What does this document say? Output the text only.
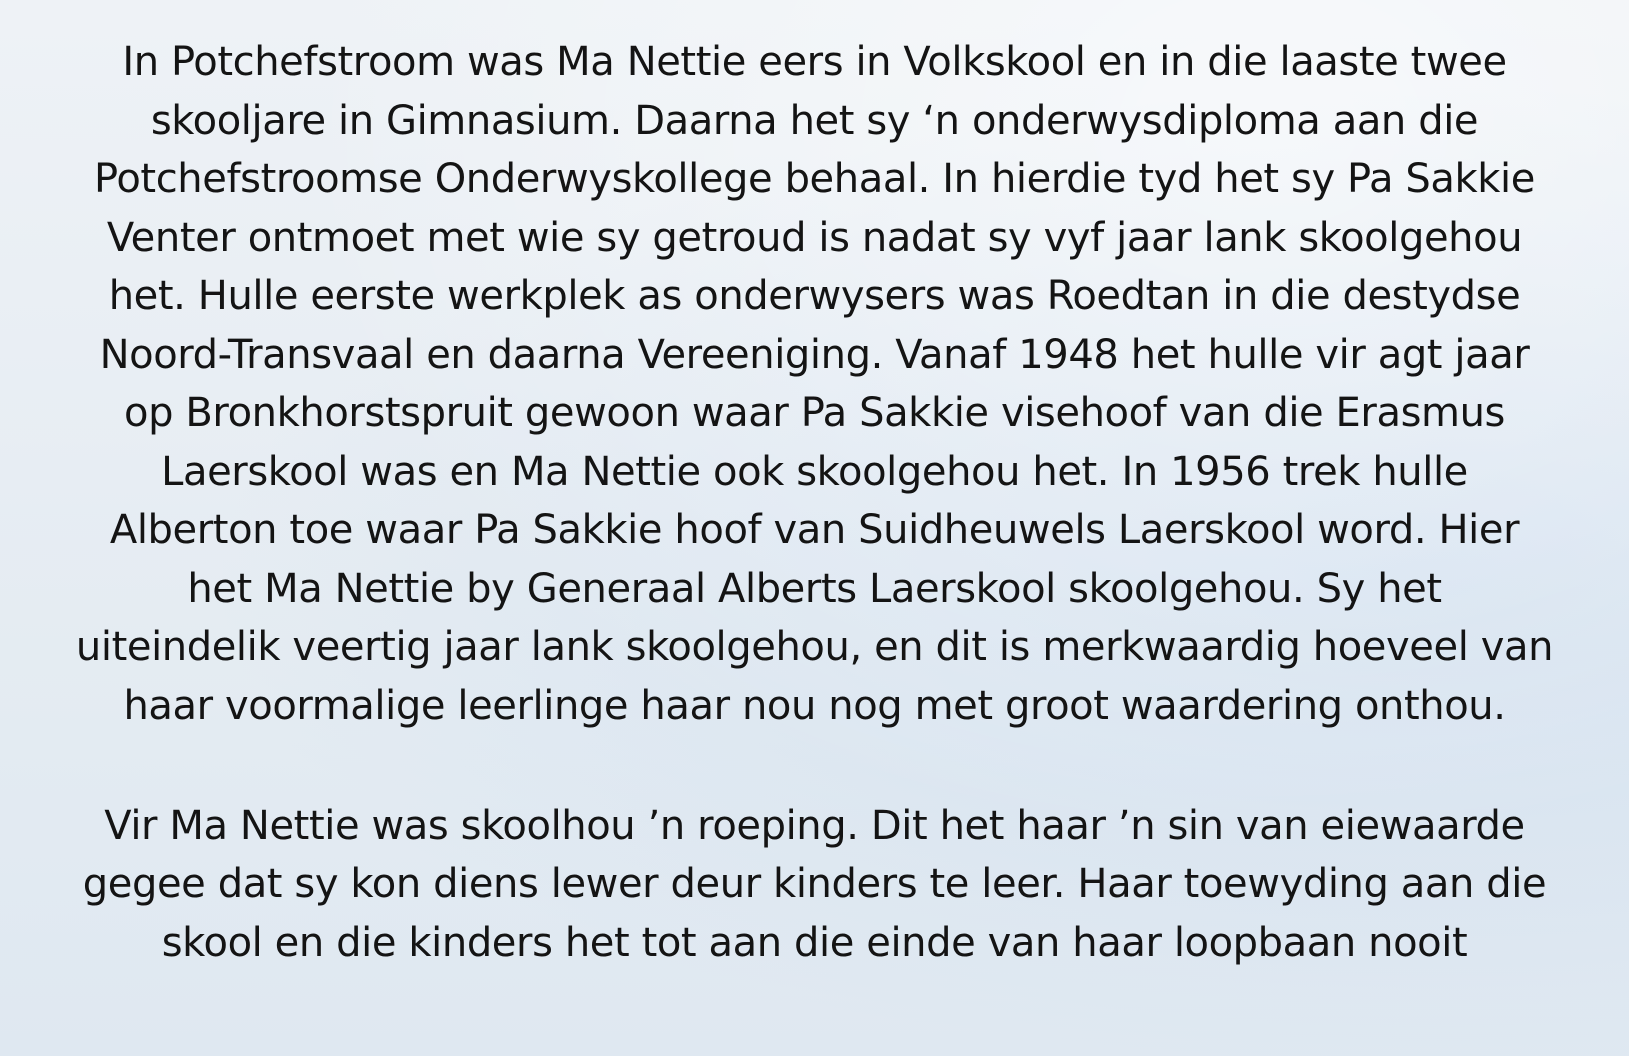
In Potchefstroom was Ma Nettie eers in Volkskool en in die laaste twee
skooljare in Gimnasium. Daarna het sy ‘n onderwysdiploma aan die
Potchefstroomse Onderwyskollege behaal. In hierdie tyd het sy Pa Sakkie
Venter ontmoet met wie sy getroud is nadat sy vyf jaar lank skoolgehou
het. Hulle eerste werkplek as onderwysers was Roedtan in die destydse
Noord-Transvaal en daarna Vereeniging. Vanaf 1948 het hulle vir agt jaar
op Bronkhorstspruit gewoon waar Pa Sakkie visehoof van die Erasmus
Laerskool was en Ma Nettie ook skoolgehou het. In 1956 trek hulle
Alberton toe waar Pa Sakkie hoof van Suidheuwels Laerskool word. Hier
het Ma Nettie by Generaal Alberts Laerskool skoolgehou. Sy het
uiteindelik veertig jaar lank skoolgehou, en dit is merkwaardig hoeveel van
haar voormalige leerlinge haar nou nog met groot waardering onthou.
Vir Ma Nettie was skoolhou ’n roeping. Dit het haar ’n sin van eiewaarde
gegee dat sy kon diens lewer deur kinders te leer. Haar toewyding aan die
skool en die kinders het tot aan die einde van haar loopbaan nooit
